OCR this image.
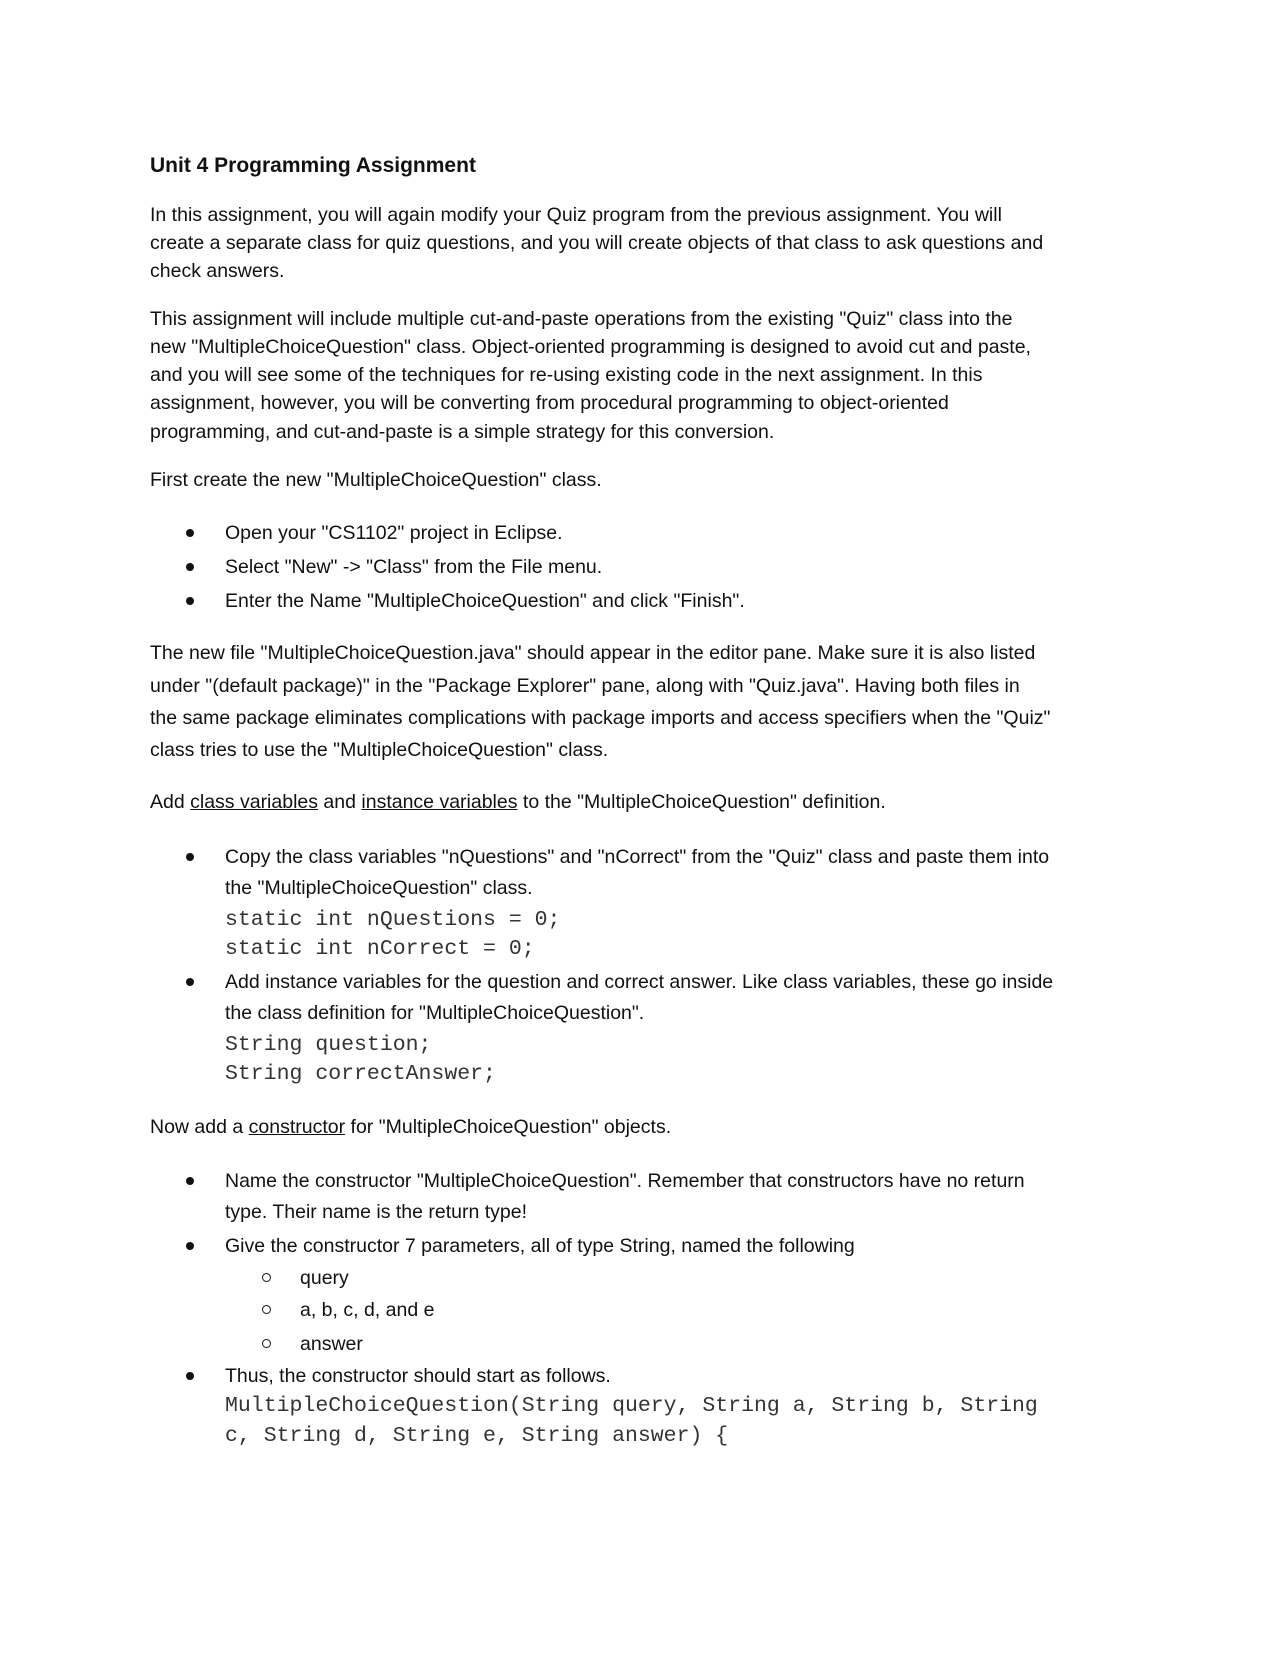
Unit 4 Programming Assignment
In this assignment, you will again modify your Quiz program from the previous assignment. You will
create a separate class for quiz questions, and you will create objects of that class to ask questions and
check answers.
This assignment will include multiple cut-and-paste operations from the existing "Quiz" class into the
new "MultipleChoiceQuestion" class. Object-oriented programming is designed to avoid cut and paste,
and you will see some of the techniques for re-using existing code in the next assignment. In this
assignment, however, you will be converting from procedural programming to object-oriented
programming, and cut-and-paste is a simple strategy for this conversion.
First create the new "MultipleChoiceQuestion" class.
Open your "CS1102" project in Eclipse.
Select "New" -> "Class" from the File menu.
Enter the Name "MultipleChoiceQuestion" and click "Finish".
The new file "MultipleChoiceQuestion.java" should appear in the editor pane. Make sure it is also listed
under "(default package)" in the "Package Explorer" pane, along with "Quiz.java". Having both files in
the same package eliminates complications with package imports and access specifiers when the "Quiz"
class tries to use the "MultipleChoiceQuestion" class.
Add class variables and instance variables to the "MultipleChoiceQuestion" definition.
Copy the class variables "nQuestions" and "nCorrect" from the "Quiz" class and paste them into
the "MultipleChoiceQuestion" class.
static int nQuestions = 0;
static int nCorrect = 0;
Add instance variables for the question and correct answer. Like class variables, these go inside
the class definition for "MultipleChoiceQuestion".
String question;
String correctAnswer;
Now add a constructor for "MultipleChoiceQuestion" objects.
Name the constructor "MultipleChoiceQuestion". Remember that constructors have no return
type. Their name is the return type!
Give the constructor 7 parameters, all of type String, named the following
query
a, b, c, d, and e
answer
Thus, the constructor should start as follows.
MultipleChoiceQuestion(String query, String a, String b, String
c, String d, String e, String answer) {
